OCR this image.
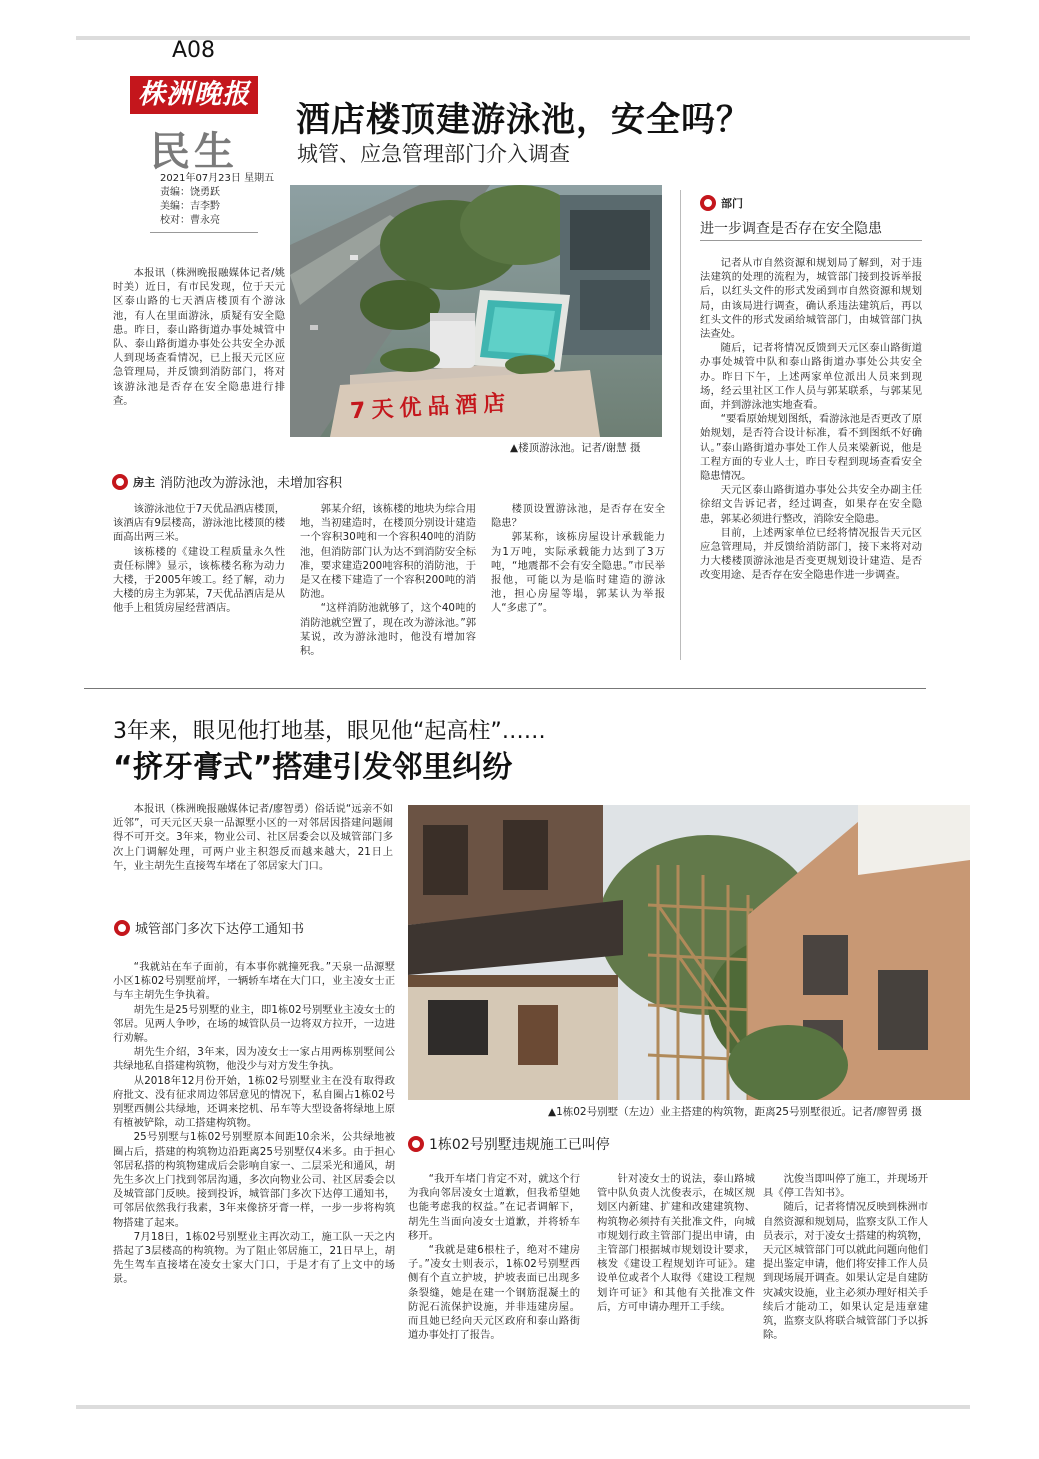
A08
株洲晚报
民生
2021年07月23日 星期五
责编：饶勇跃
美编：吉李黔
校对：曹永亮
酒店楼顶建游泳池，安全吗？
城管、应急管理部门介入调查
7天优品酒店
▲楼顶游泳池。记者/谢慧 摄

本报讯（株洲晚报融媒体记者/姚时美）近日，有市民发现，位于天元区泰山路的七天酒店楼顶有个游泳池，有人在里面游泳，质疑有安全隐患。昨日，泰山路街道办事处城管中队、泰山路街道办事处公共安全办派人到现场查看情况，已上报天元区应急管理局，并反馈到消防部门，将对该游泳池是否存在安全隐患进行排查。

房主 消防池改为游泳池，未增加容积

该游泳池位于7天优品酒店楼顶，该酒店有9层楼高，游泳池比楼顶的楼面高出两三米。

该栋楼的《建设工程质量永久性责任标牌》显示，该栋楼名称为动力大楼，于2005年竣工。经了解，动力大楼的房主为郭某，7天优品酒店是从他手上租赁房屋经营酒店。

郭某介绍，该栋楼的地块为综合用地，当初建造时，在楼顶分别设计建造一个容积30吨和一个容积40吨的消防池，但消防部门认为达不到消防安全标准，要求建造200吨容积的消防池，于是又在楼下建造了一个容积200吨的消防池。

“这样消防池就够了，这个40吨的消防池就空置了，现在改为游泳池。”郭某说，改为游泳池时，他没有增加容积。

楼顶设置游泳池，是否存在安全隐患？

郭某称，该栋房屋设计承载能力为1万吨，实际承载能力达到了3万吨，“地震都不会有安全隐患。”市民举报他，可能以为是临时建造的游泳池，担心房屋等塌，郭某认为举报人“多虑了”。

部门
进一步调查是否存在安全隐患

记者从市自然资源和规划局了解到，对于违法建筑的处理的流程为，城管部门接到投诉举报后，以红头文件的形式发函到市自然资源和规划局，由该局进行调查，确认系违法建筑后，再以红头文件的形式发函给城管部门，由城管部门执法查处。

随后，记者将情况反馈到天元区泰山路街道办事处城管中队和泰山路街道办事处公共安全办。昨日下午，上述两家单位派出人员来到现场，经云里社区工作人员与郭某联系，与郭某见面，并到游泳池实地查看。

“要看原始规划图纸，看游泳池是否更改了原始规划，是否符合设计标准，看不到图纸不好确认。”泰山路街道办事处工作人员来梁新说，他是工程方面的专业人士，昨日专程到现场查看安全隐患情况。

天元区泰山路街道办事处公共安全办副主任徐绍文告诉记者，经过调查，如果存在安全隐患，郭某必须进行整改，消除安全隐患。

目前，上述两家单位已经将情况报告天元区应急管理局，并反馈给消防部门，接下来将对动力大楼楼顶游泳池是否变更规划设计建造、是否改变用途、是否存在安全隐患作进一步调查。

3年来，眼见他打地基，眼见他“起高柱”……
“挤牙膏式”搭建引发邻里纠纷

本报讯（株洲晚报融媒体记者/廖智勇）俗话说“远亲不如近邻”，可天元区天泉一品源墅小区的一对邻居因搭建问题闹得不可开交。3年来，物业公司、社区居委会以及城管部门多次上门调解处理，可两户业主积怨反而越来越大，21日上午，业主胡先生直接驾车堵在了邻居家大门口。

▲1栋02号别墅（左边）业主搭建的构筑物，距离25号别墅很近。记者/廖智勇 摄
城管部门多次下达停工通知书

“我就站在车子面前，有本事你就撞死我。”天泉一品源墅小区1栋02号别墅前坪，一辆轿车堵在大门口，业主凌女士正与车主胡先生争执着。

胡先生是25号别墅的业主，即1栋02号别墅业主凌女士的邻居。见两人争吵，在场的城管队员一边将双方拉开，一边进行劝解。

胡先生介绍，3年来，因为凌女士一家占用两栋别墅间公共绿地私自搭建构筑物，他没少与对方发生争执。

从2018年12月份开始，1栋02号别墅业主在没有取得政府批文、没有征求周边邻居意见的情况下，私自圈占1栋02号别墅西侧公共绿地，还调来挖机、吊车等大型设备将绿地上原有植被铲除，动工搭建构筑物。

25号别墅与1栋02号别墅原本间距10余米，公共绿地被圈占后，搭建的构筑物边沿距离25号别墅仅4米多。由于担心邻居私搭的构筑物建成后会影响自家一、二层采光和通风，胡先生多次上门找到邻居沟通，多次向物业公司、社区居委会以及城管部门反映。接到投诉，城管部门多次下达停工通知书，可邻居依然我行我素，3年来像挤牙膏一样，一步一步将构筑物搭建了起来。

7月18日，1栋02号别墅业主再次动工，施工队一天之内搭起了3层楼高的构筑物。为了阻止邻居施工，21日早上，胡先生驾车直接堵在凌女士家大门口，于是才有了上文中的场景。

1栋02号别墅违规施工已叫停

“我开车堵门肯定不对，就这个行为我向邻居凌女士道歉，但我希望她也能考虑我的权益。”在记者调解下，胡先生当面向凌女士道歉，并将轿车移开。

“我就是建6根柱子，绝对不建房子。”凌女士则表示，1栋02号别墅西侧有个直立护坡，护坡表面已出现多条裂缝，她是在建一个钢筋混凝土的防泥石流保护设施，并非违建房屋。而且她已经向天元区政府和泰山路街道办事处打了报告。

针对凌女士的说法，泰山路城管中队负责人沈俊表示，在城区规划区内新建、扩建和改建建筑物、构筑物必须持有关批准文件，向城市规划行政主管部门提出申请，由主管部门根据城市规划设计要求，核发《建设工程规划许可证》。建设单位或者个人取得《建设工程规划许可证》和其他有关批准文件后，方可申请办理开工手续。

沈俊当即叫停了施工，并现场开具《停工告知书》。

随后，记者将情况反映到株洲市自然资源和规划局，监察支队工作人员表示，对于凌女士搭建的构筑物，天元区城管部门可以就此问题向他们提出鉴定申请，他们将安排工作人员到现场展开调查。如果认定是自建防灾减灾设施，业主必须办理好相关手续后才能动工，如果认定是违章建筑，监察支队将联合城管部门予以拆除。
